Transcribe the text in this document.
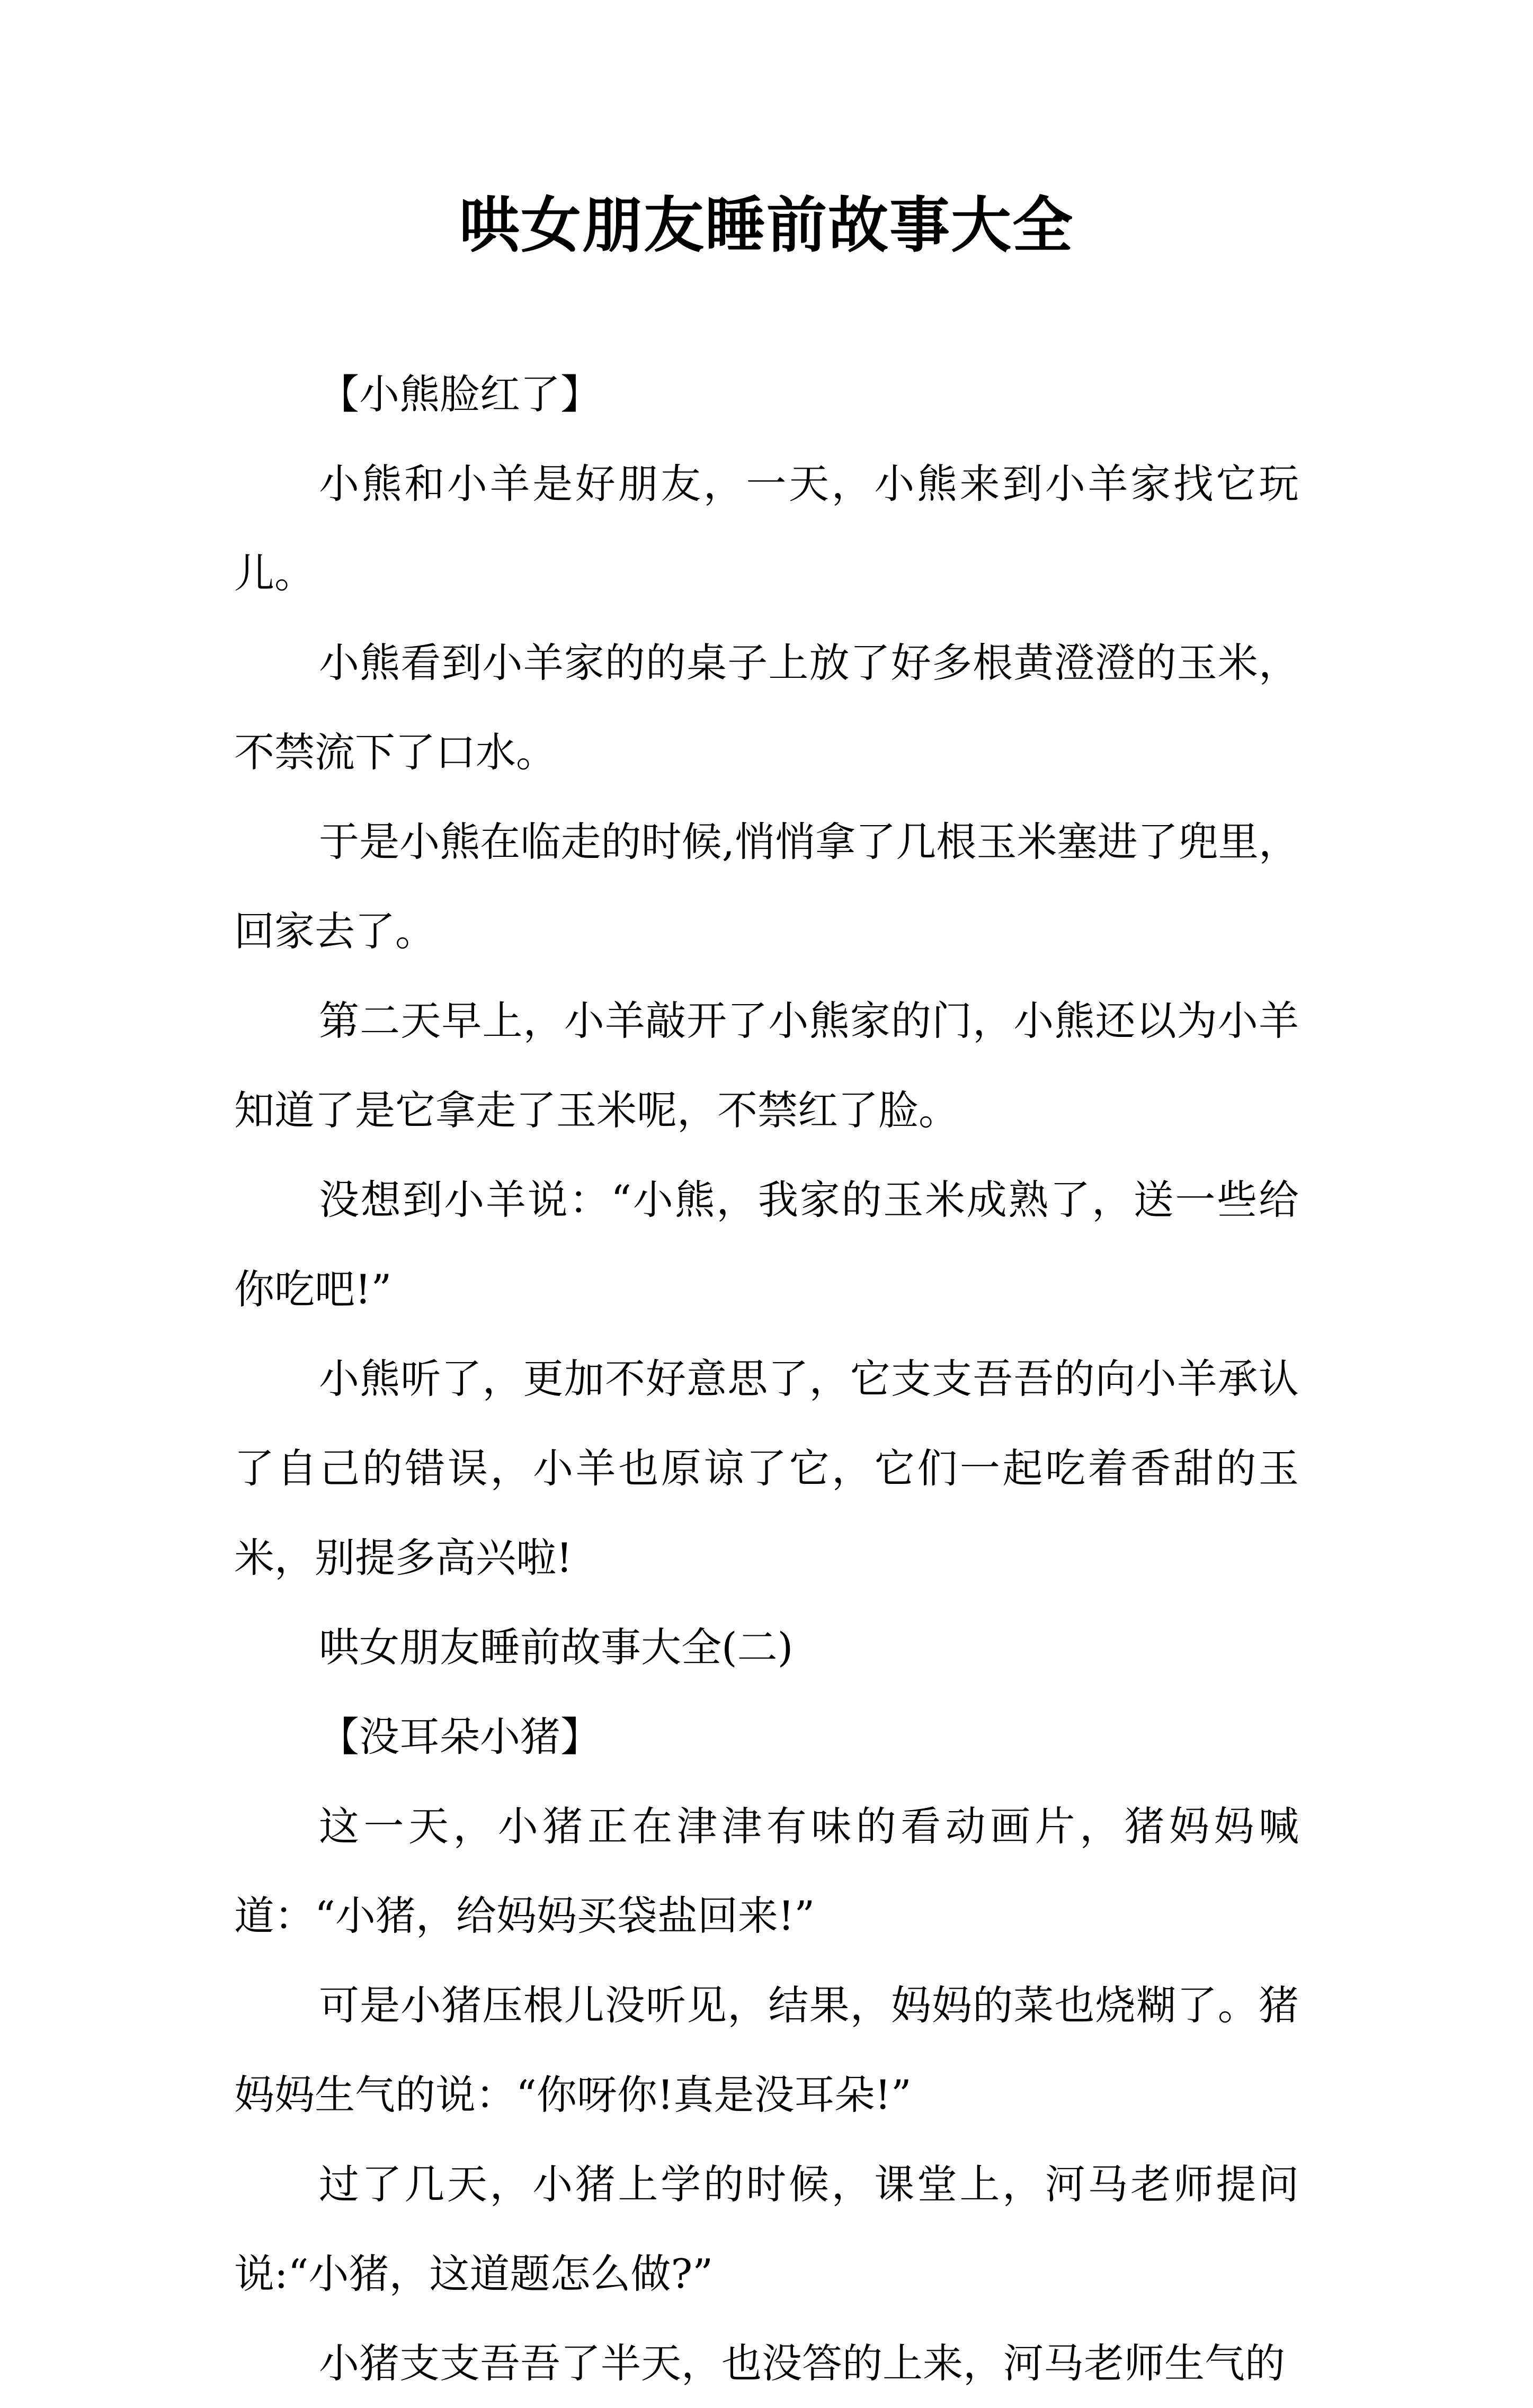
哄女朋友睡前故事大全

【小熊脸红了】

小熊和小羊是好朋友，一天，小熊来到小羊家找它玩儿。

小熊看到小羊家的的桌子上放了好多根黄澄澄的玉米，不禁流下了口水。

于是小熊在临走的时候,悄悄拿了几根玉米塞进了兜里，回家去了。

第二天早上，小羊敲开了小熊家的门，小熊还以为小羊知道了是它拿走了玉米呢，不禁红了脸。

没想到小羊说：“小熊，我家的玉米成熟了，送一些给你吃吧!”

小熊听了，更加不好意思了，它支支吾吾的向小羊承认了自己的错误，小羊也原谅了它，它们一起吃着香甜的玉米，别提多高兴啦!

哄女朋友睡前故事大全(二)

【没耳朵小猪】

这一天，小猪正在津津有味的看动画片，猪妈妈喊道：“小猪，给妈妈买袋盐回来!”

可是小猪压根儿没听见，结果，妈妈的菜也烧糊了。猪妈妈生气的说：“你呀你!真是没耳朵!”

过了几天，小猪上学的时候，课堂上，河马老师提问说:“小猪，这道题怎么做?”

小猪支支吾吾了半天，也没答的上来，河马老师生气的
